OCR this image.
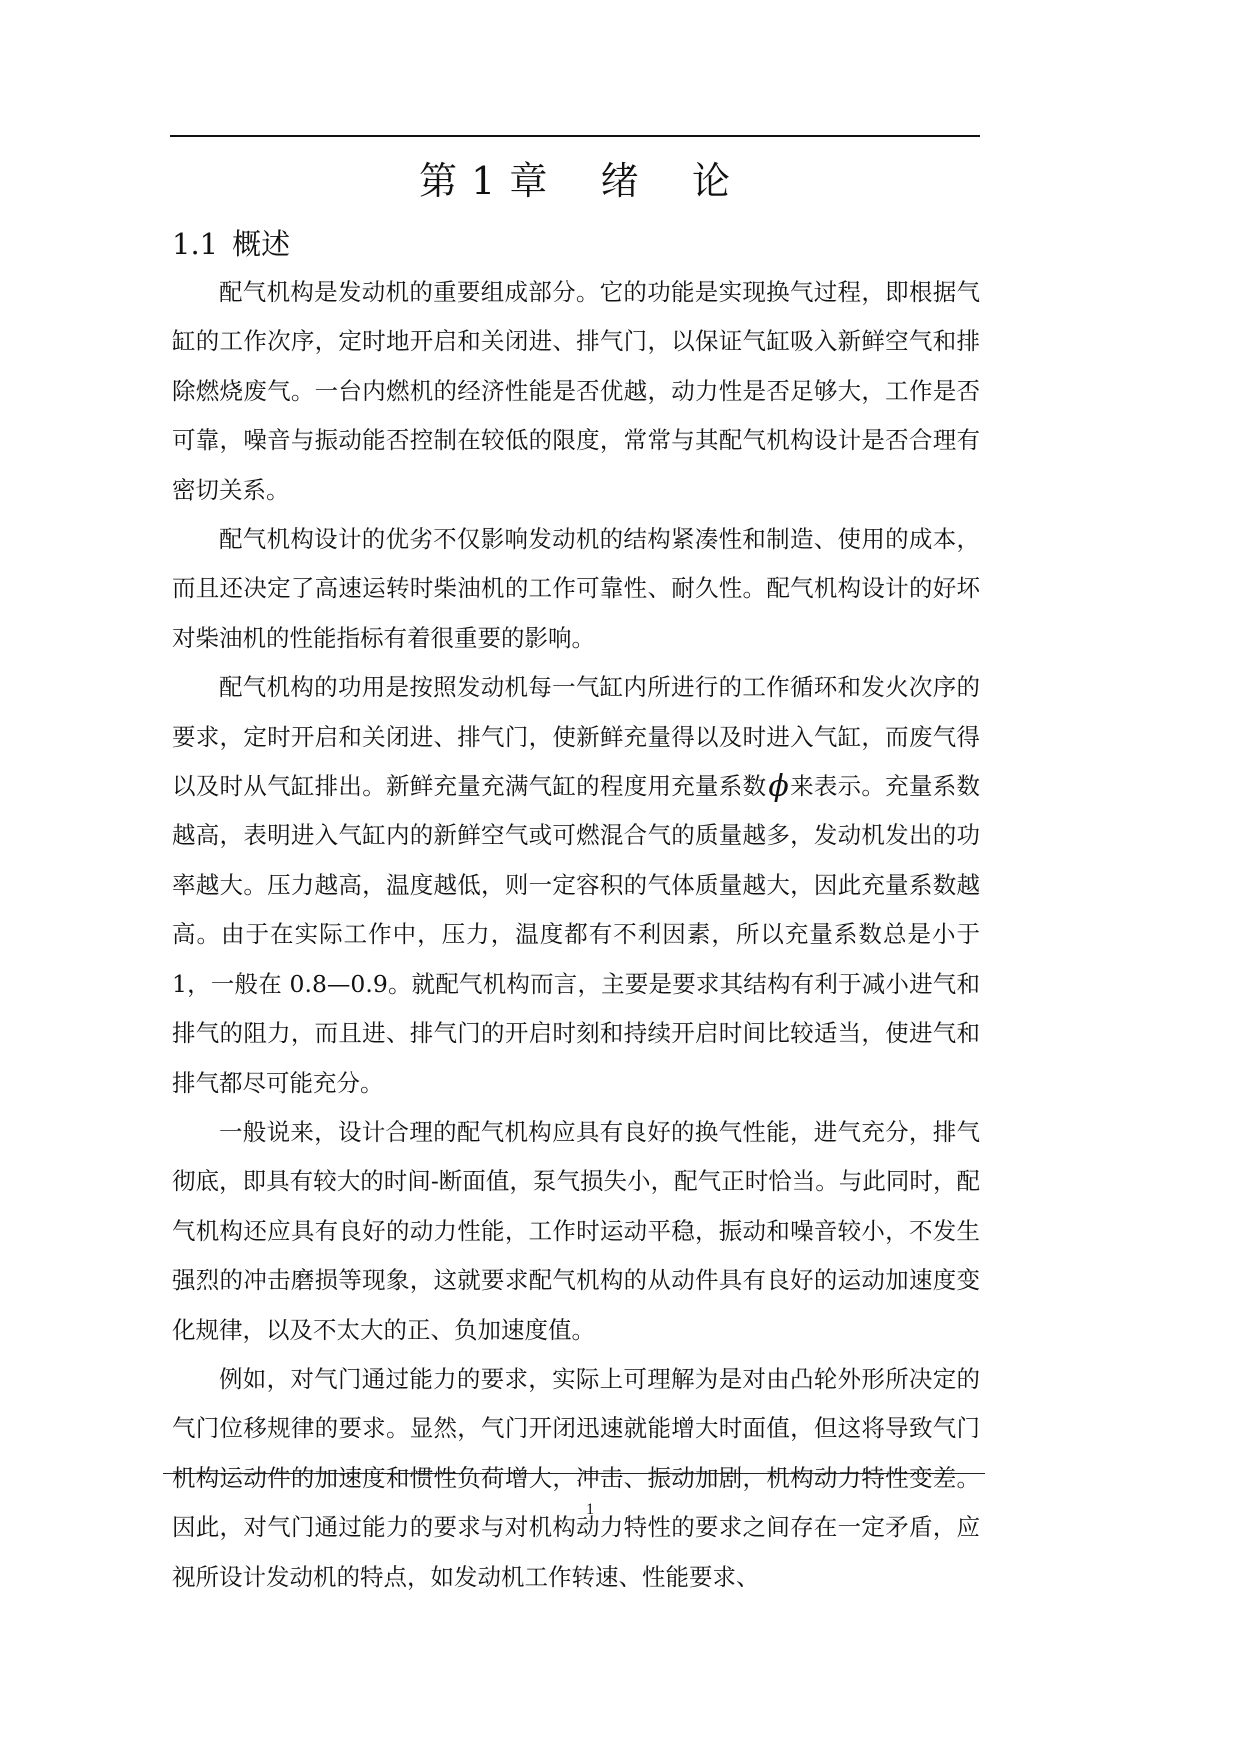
第 1 章    绪    论
1.1 概述

配气机构是发动机的重要组成部分。它的功能是实现换气过程，即根据气缸的工作次序，定时地开启和关闭进、排气门，以保证气缸吸入新鲜空气和排除燃烧废气。一台内燃机的经济性能是否优越，动力性是否足够大，工作是否可靠，噪音与振动能否控制在较低的限度，常常与其配气机构设计是否合理有密切关系。

配气机构设计的优劣不仅影响发动机的结构紧凑性和制造、使用的成本，而且还决定了高速运转时柴油机的工作可靠性、耐久性。配气机构设计的好坏对柴油机的性能指标有着很重要的影响。

配气机构的功用是按照发动机每一气缸内所进行的工作循环和发火次序的要求，定时开启和关闭进、排气门，使新鲜充量得以及时进入气缸，而废气得以及时从气缸排出。新鲜充量充满气缸的程度用充量系数ϕ来表示。充量系数越高，表明进入气缸内的新鲜空气或可燃混合气的质量越多，发动机发出的功率越大。压力越高，温度越低，则一定容积的气体质量越大，因此充量系数越高。由于在实际工作中，压力，温度都有不利因素，所以充量系数总是小于 1，一般在 0.8—0.9。就配气机构而言，主要是要求其结构有利于减小进气和排气的阻力，而且进、排气门的开启时刻和持续开启时间比较适当，使进气和排气都尽可能充分。

一般说来，设计合理的配气机构应具有良好的换气性能，进气充分，排气彻底，即具有较大的时间-断面值，泵气损失小，配气正时恰当。与此同时，配气机构还应具有良好的动力性能，工作时运动平稳，振动和噪音较小，不发生强烈的冲击磨损等现象，这就要求配气机构的从动件具有良好的运动加速度变化规律，以及不太大的正、负加速度值。

例如，对气门通过能力的要求，实际上可理解为是对由凸轮外形所决定的气门位移规律的要求。显然，气门开闭迅速就能增大时面值，但这将导致气门机构运动件的加速度和惯性负荷增大，冲击、振动加剧，机构动力特性变差。因此，对气门通过能力的要求与对机构动力特性的要求之间存在一定矛盾，应视所设计发动机的特点，如发动机工作转速、性能要求、

1
